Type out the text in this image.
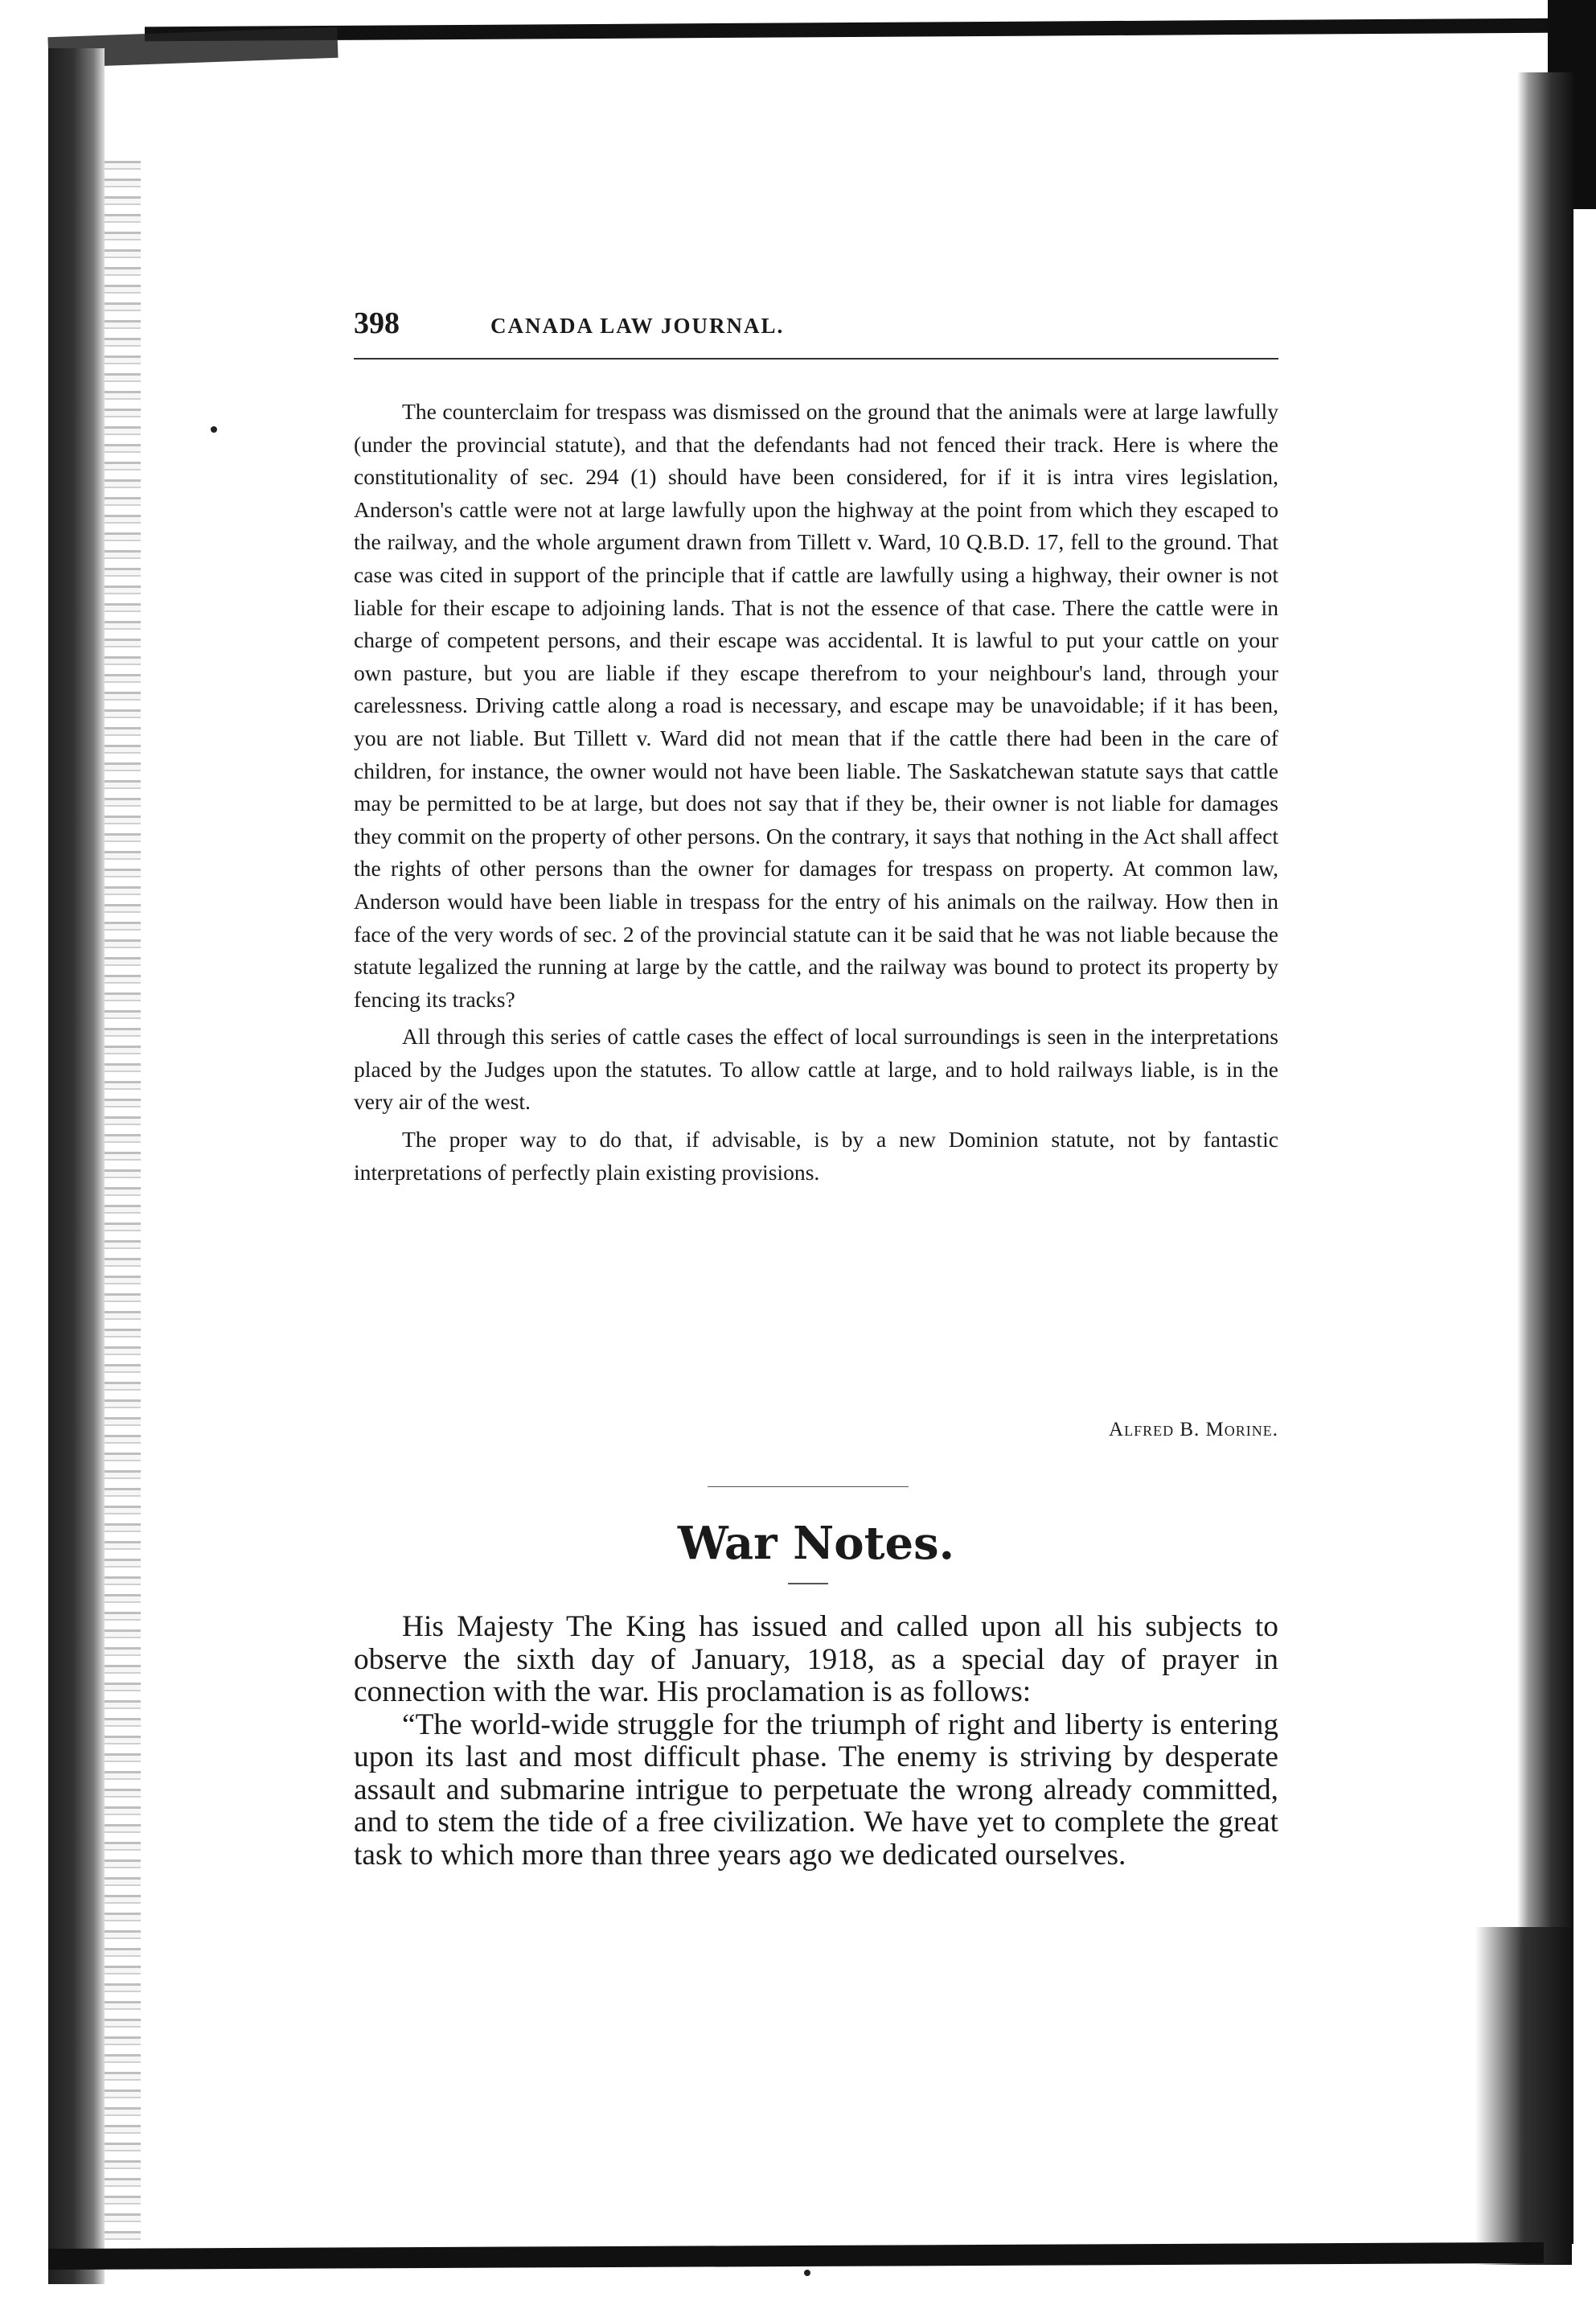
398	CANADA LAW JOURNAL.

The counterclaim for trespass was dismissed on the ground that the animals were at large lawfully (under the provincial statute), and that the defendants had not fenced their track. Here is where the constitutionality of sec. 294 (1) should have been considered, for if it is intra vires legislation, Anderson's cattle were not at large lawfully upon the highway at the point from which they escaped to the railway, and the whole argument drawn from Tillett v. Ward, 10 Q.B.D. 17, fell to the ground. That case was cited in support of the principle that if cattle are lawfully using a highway, their owner is not liable for their escape to adjoining lands. That is not the essence of that case. There the cattle were in charge of competent persons, and their escape was accidental. It is lawful to put your cattle on your own pasture, but you are liable if they escape therefrom to your neighbour's land, through your carelessness. Driving cattle along a road is necessary, and escape may be unavoidable; if it has been, you are not liable. But Tillett v. Ward did not mean that if the cattle there had been in the care of children, for instance, the owner would not have been liable. The Saskatchewan statute says that cattle may be permitted to be at large, but does not say that if they be, their owner is not liable for damages they commit on the property of other persons. On the contrary, it says that nothing in the Act shall affect the rights of other persons than the owner for damages for trespass on property. At common law, Anderson would have been liable in trespass for the entry of his animals on the railway. How then in face of the very words of sec. 2 of the provincial statute can it be said that he was not liable because the statute legalized the running at large by the cattle, and the railway was bound to protect its property by fencing its tracks?

All through this series of cattle cases the effect of local surroundings is seen in the interpretations placed by the Judges upon the statutes. To allow cattle at large, and to hold railways liable, is in the very air of the west.

The proper way to do that, if advisable, is by a new Dominion statute, not by fantastic interpretations of perfectly plain existing provisions.

Alfred B. Morine.
War Notes.

His Majesty The King has issued and called upon all his subjects to observe the sixth day of January, 1918, as a special day of prayer in connection with the war. His proclamation is as follows:

“The world-wide struggle for the triumph of right and liberty is entering upon its last and most difficult phase. The enemy is striving by desperate assault and submarine intrigue to perpetuate the wrong already committed, and to stem the tide of a free civilization. We have yet to complete the great task to which more than three years ago we dedicated ourselves.
